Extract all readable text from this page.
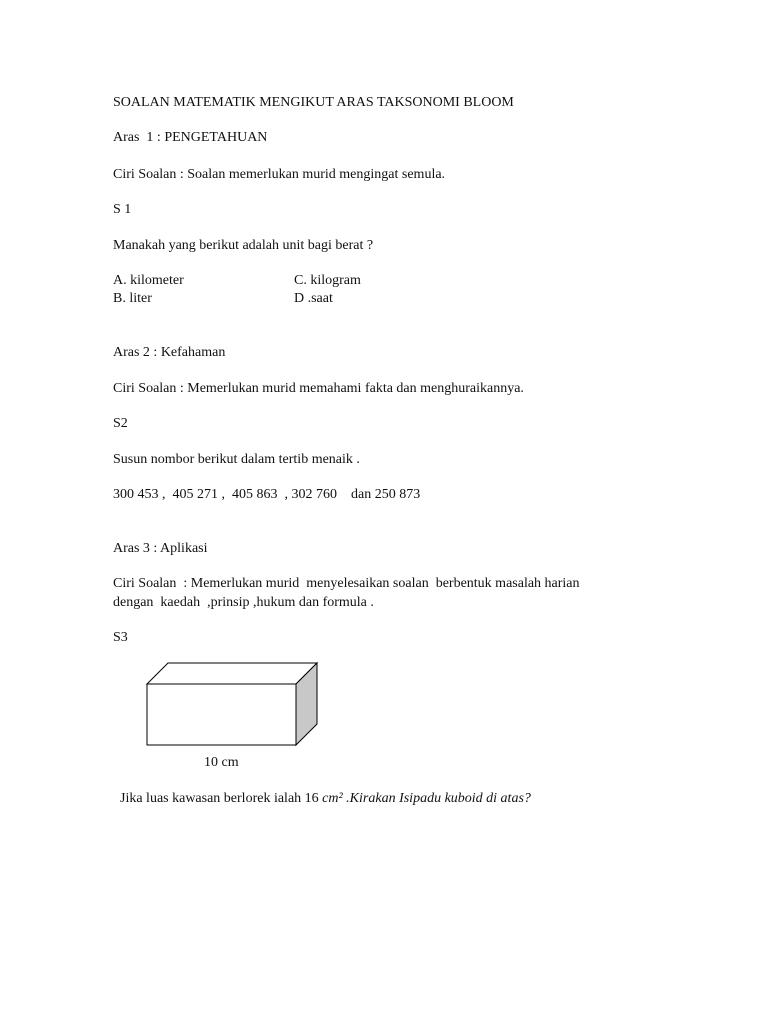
SOALAN MATEMATIK MENGIKUT ARAS TAKSONOMI BLOOM
Aras  1 : PENGETAHUAN
Ciri Soalan : Soalan memerlukan murid mengingat semula.
S 1
Manakah yang berikut adalah unit bagi berat ?
A. kilometer	C. kilogram
B. liter	D .saat
Aras 2 : Kefahaman
Ciri Soalan : Memerlukan murid memahami fakta dan menghuraikannya.
S2
Susun nombor berikut dalam tertib menaik .
300 453 ,  405 271 ,  405 863  , 302 760    dan 250 873
Aras 3 : Aplikasi
Ciri Soalan  : Memerlukan murid  menyelesaikan soalan  berbentuk masalah harian
dengan  kaedah  ,prinsip ,hukum dan formula .
S3
10 cm

Jika luas kawasan berlorek ialah 16 cm² .Kirakan Isipadu kuboid di atas?
